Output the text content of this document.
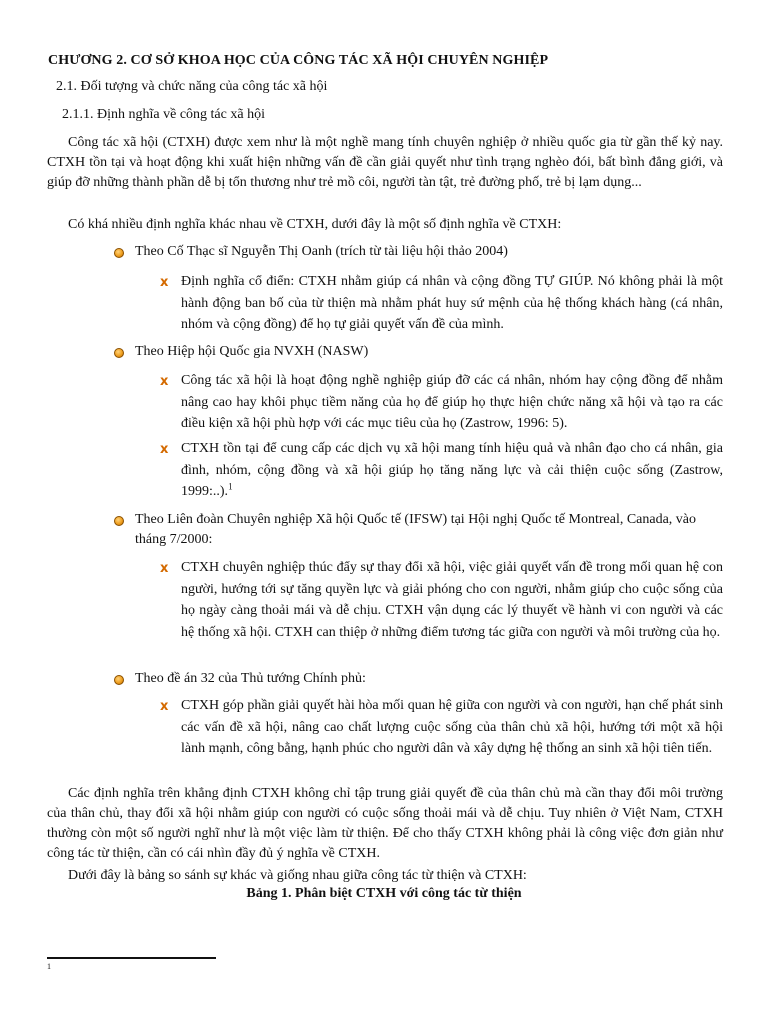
CHƯƠNG 2. CƠ SỞ KHOA HỌC CỦA CÔNG TÁC XÃ HỘI CHUYÊN NGHIỆP
2.1. Đối tượng và chức năng của công tác xã hội
2.1.1. Định nghĩa về công tác xã hội

Công tác xã hội (CTXH) được xem như là một nghề mang tính chuyên nghiệp ở nhiều quốc gia từ gần thế kỷ nay. CTXH tồn tại và hoạt động khi xuất hiện những vấn đề cần giải quyết như tình trạng nghèo đói, bất bình đẳng giới, và giúp đỡ những thành phần dễ bị tổn thương như trẻ mồ côi, người tàn tật, trẻ đường phố, trẻ bị lạm dụng...

Có khá nhiều định nghĩa khác nhau về CTXH, dưới đây là một số định nghĩa về CTXH:

Theo Cố Thạc sĩ Nguyễn Thị Oanh (trích từ tài liệu hội thảo 2004)
x Định nghĩa cổ điển: CTXH nhằm giúp cá nhân và cộng đồng TỰ GIÚP. Nó không phải là một hành động ban bố của từ thiện mà nhằm phát huy sứ mệnh của hệ thống khách hàng (cá nhân, nhóm và cộng đồng) để họ tự giải quyết vấn đề của mình.
Theo Hiệp hội Quốc gia NVXH (NASW)
x Công tác xã hội là hoạt động nghề nghiệp giúp đỡ các cá nhân, nhóm hay cộng đồng để nhằm nâng cao hay khôi phục tiềm năng của họ để giúp họ thực hiện chức năng xã hội và tạo ra các điều kiện xã hội phù hợp với các mục tiêu của họ (Zastrow, 1996: 5).
x CTXH tồn tại để cung cấp các dịch vụ xã hội mang tính hiệu quả và nhân đạo cho cá nhân, gia đình, nhóm, cộng đồng và xã hội giúp họ tăng năng lực và cải thiện cuộc sống (Zastrow, 1999:..).$^1$
Theo Liên đoàn Chuyên nghiệp Xã hội Quốc tế (IFSW) tại Hội nghị Quốc tế Montreal, Canada, vào tháng 7/2000:
x CTXH chuyên nghiệp thúc đẩy sự thay đổi xã hội, việc giải quyết vấn đề trong mối quan hệ con người, hướng tới sự tăng quyền lực và giải phóng cho con người, nhằm giúp cho cuộc sống của họ ngày càng thoải mái và dễ chịu. CTXH vận dụng các lý thuyết về hành vi con người và các hệ thống xã hội. CTXH can thiệp ở những điểm tương tác giữa con người và môi trường của họ.
Theo đề án 32 của Thủ tướng Chính phủ:
x CTXH góp phần giải quyết hài hòa mối quan hệ giữa con người và con người, hạn chế phát sinh các vấn đề xã hội, nâng cao chất lượng cuộc sống của thân chủ xã hội, hướng tới một xã hội lành mạnh, công bằng, hạnh phúc cho người dân và xây dựng hệ thống an sinh xã hội tiên tiến.

Các định nghĩa trên khẳng định CTXH không chỉ tập trung giải quyết đề của thân chủ mà cần thay đổi môi trường của thân chủ, thay đổi xã hội nhằm giúp con người có cuộc sống thoải mái và dễ chịu. Tuy nhiên ở Việt Nam, CTXH thường còn một số người nghĩ như là một việc làm từ thiện. Để cho thấy CTXH không phải là công việc đơn giản như công tác từ thiện, cần có cái nhìn đầy đủ ý nghĩa về CTXH.

Dưới đây là bảng so sánh sự khác và giống nhau giữa công tác từ thiện và CTXH:

Bảng 1. Phân biệt CTXH với công tác từ thiện
1
